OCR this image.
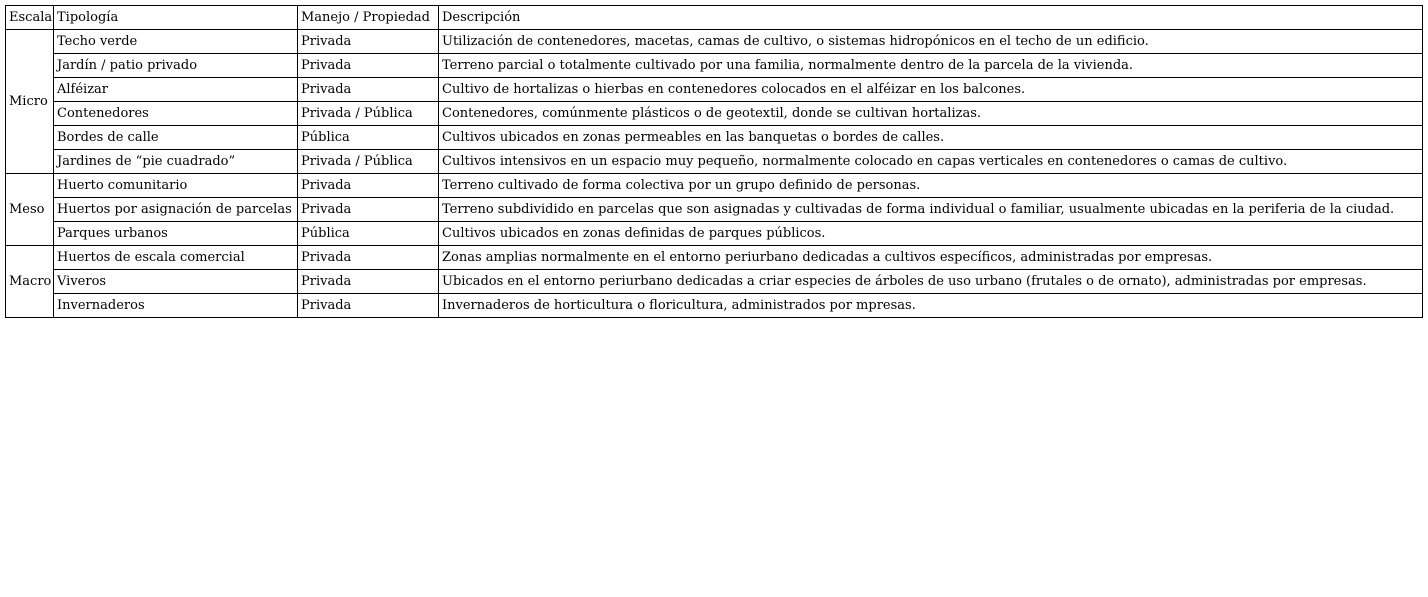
Escala	Tipología	Manejo / Propiedad	Descripción
Micro	Techo verde	Privada	Utilización de contenedores, macetas, camas de cultivo, o sistemas hidropónicos en el techo de un edificio.
	Jardín / patio privado	Privada	Terreno parcial o totalmente cultivado por una familia, normalmente dentro de la parcela de la vivienda.
	Alféizar	Privada	Cultivo de hortalizas o hierbas en contenedores colocados en el alféizar en los balcones.
	Contenedores	Privada / Pública	Contenedores, comúnmente plásticos o de geotextil, donde se cultivan hortalizas.
	Bordes de calle	Pública	Cultivos ubicados en zonas permeables en las banquetas o bordes de calles.
	Jardines de “pie cuadrado”	Privada / Pública	Cultivos intensivos en un espacio muy pequeño, normalmente colocado en capas verticales en contenedores o camas de cultivo.
Meso	Huerto comunitario	Privada	Terreno cultivado de forma colectiva por un grupo definido de personas.
	Huertos por asignación de parcelas	Privada	Terreno subdividido en parcelas que son asignadas y cultivadas de forma individual o familiar, usualmente ubicadas en la periferia de la ciudad.
	Parques urbanos	Pública	Cultivos ubicados en zonas definidas de parques públicos.
Macro	Huertos de escala comercial	Privada	Zonas amplias normalmente en el entorno periurbano dedicadas a cultivos específicos, administradas por empresas.
	Viveros	Privada	Ubicados en el entorno periurbano dedicadas a criar especies de árboles de uso urbano (frutales o de ornato), administradas por empresas.
	Invernaderos	Privada	Invernaderos de horticultura o floricultura, administrados por mpresas.
